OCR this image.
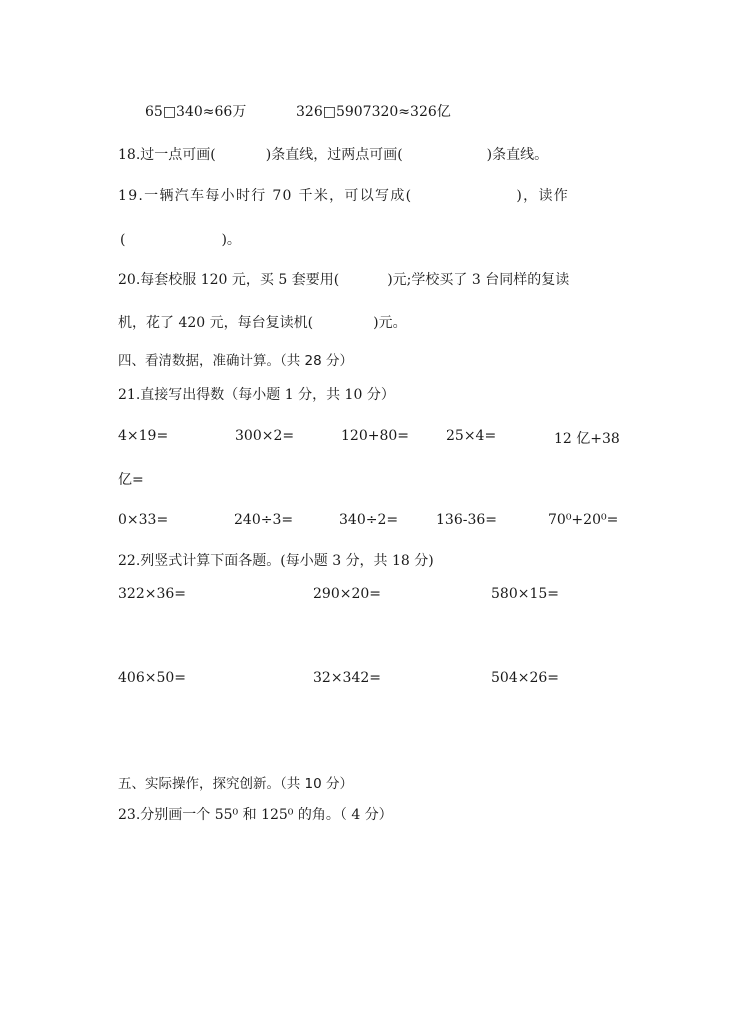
65□340≈66万	326□5907320≈326亿
18.过一点可画(	)条直线，过两点可画(	)条直线。
19.一辆汽车每小时行 70 千米，可以写成(	)，读作
(	)。
20.每套校服 120 元，买 5 套要用(	)元;学校买了 3 台同样的复读
机，花了 420 元，每台复读机(	)元。
四、看清数据，准确计算。（共 28 分）
21.直接写出得数（每小题 1 分，共 10 分）
4×19=	300×2=	120+80=	25×4=	12 亿+38
亿=
0×33=	240÷3=	340÷2=	136-36=	70⁰+20⁰=
22.列竖式计算下面各题。(每小题 3 分，共 18 分)
322×36=	290×20=	580×15=
406×50=	32×342=	504×26=
五、实际操作，探究创新。（共 10 分）
23.分别画一个 55⁰ 和 125⁰ 的角。（ 4 分）
